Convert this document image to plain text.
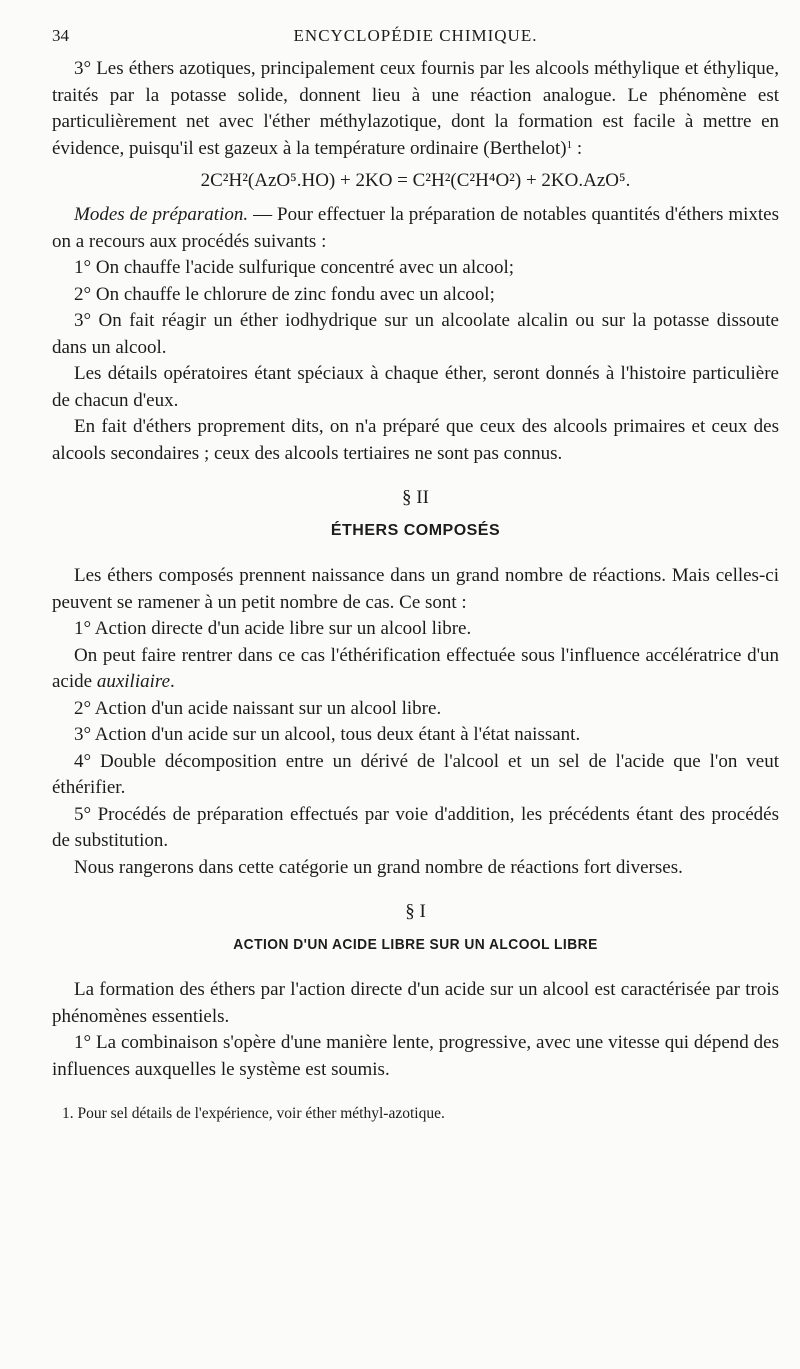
34	ENCYCLOPÉDIE CHIMIQUE.

3° Les éthers azotiques, principalement ceux fournis par les alcools méthylique et éthylique, traités par la potasse solide, donnent lieu à une réaction analogue. Le phénomène est particulièrement net avec l'éther méthylazotique, dont la formation est facile à mettre en évidence, puisqu'il est gazeux à la température ordinaire (Berthelot)$^1$ :

2C²H²(AzO⁵.HO) + 2KO = C²H²(C²H⁴O²) + 2KO.AzO⁵.

Modes de préparation. — Pour effectuer la préparation de notables quantités d'éthers mixtes on a recours aux procédés suivants :

1° On chauffe l'acide sulfurique concentré avec un alcool;

2° On chauffe le chlorure de zinc fondu avec un alcool;

3° On fait réagir un éther iodhydrique sur un alcoolate alcalin ou sur la potasse dissoute dans un alcool.

Les détails opératoires étant spéciaux à chaque éther, seront donnés à l'histoire particulière de chacun d'eux.

En fait d'éthers proprement dits, on n'a préparé que ceux des alcools primaires et ceux des alcools secondaires ; ceux des alcools tertiaires ne sont pas connus.

§ II
ÉTHERS COMPOSÉS

Les éthers composés prennent naissance dans un grand nombre de réactions. Mais celles-ci peuvent se ramener à un petit nombre de cas. Ce sont :

1° Action directe d'un acide libre sur un alcool libre.

On peut faire rentrer dans ce cas l'éthérification effectuée sous l'influence accélératrice d'un acide auxiliaire.

2° Action d'un acide naissant sur un alcool libre.

3° Action d'un acide sur un alcool, tous deux étant à l'état naissant.

4° Double décomposition entre un dérivé de l'alcool et un sel de l'acide que l'on veut éthérifier.

5° Procédés de préparation effectués par voie d'addition, les précédents étant des procédés de substitution.

Nous rangerons dans cette catégorie un grand nombre de réactions fort diverses.

§ I
ACTION D'UN ACIDE LIBRE SUR UN ALCOOL LIBRE

La formation des éthers par l'action directe d'un acide sur un alcool est caractérisée par trois phénomènes essentiels.

1° La combinaison s'opère d'une manière lente, progressive, avec une vitesse qui dépend des influences auxquelles le système est soumis.

1. Pour sel détails de l'expérience, voir éther méthyl-azotique.
